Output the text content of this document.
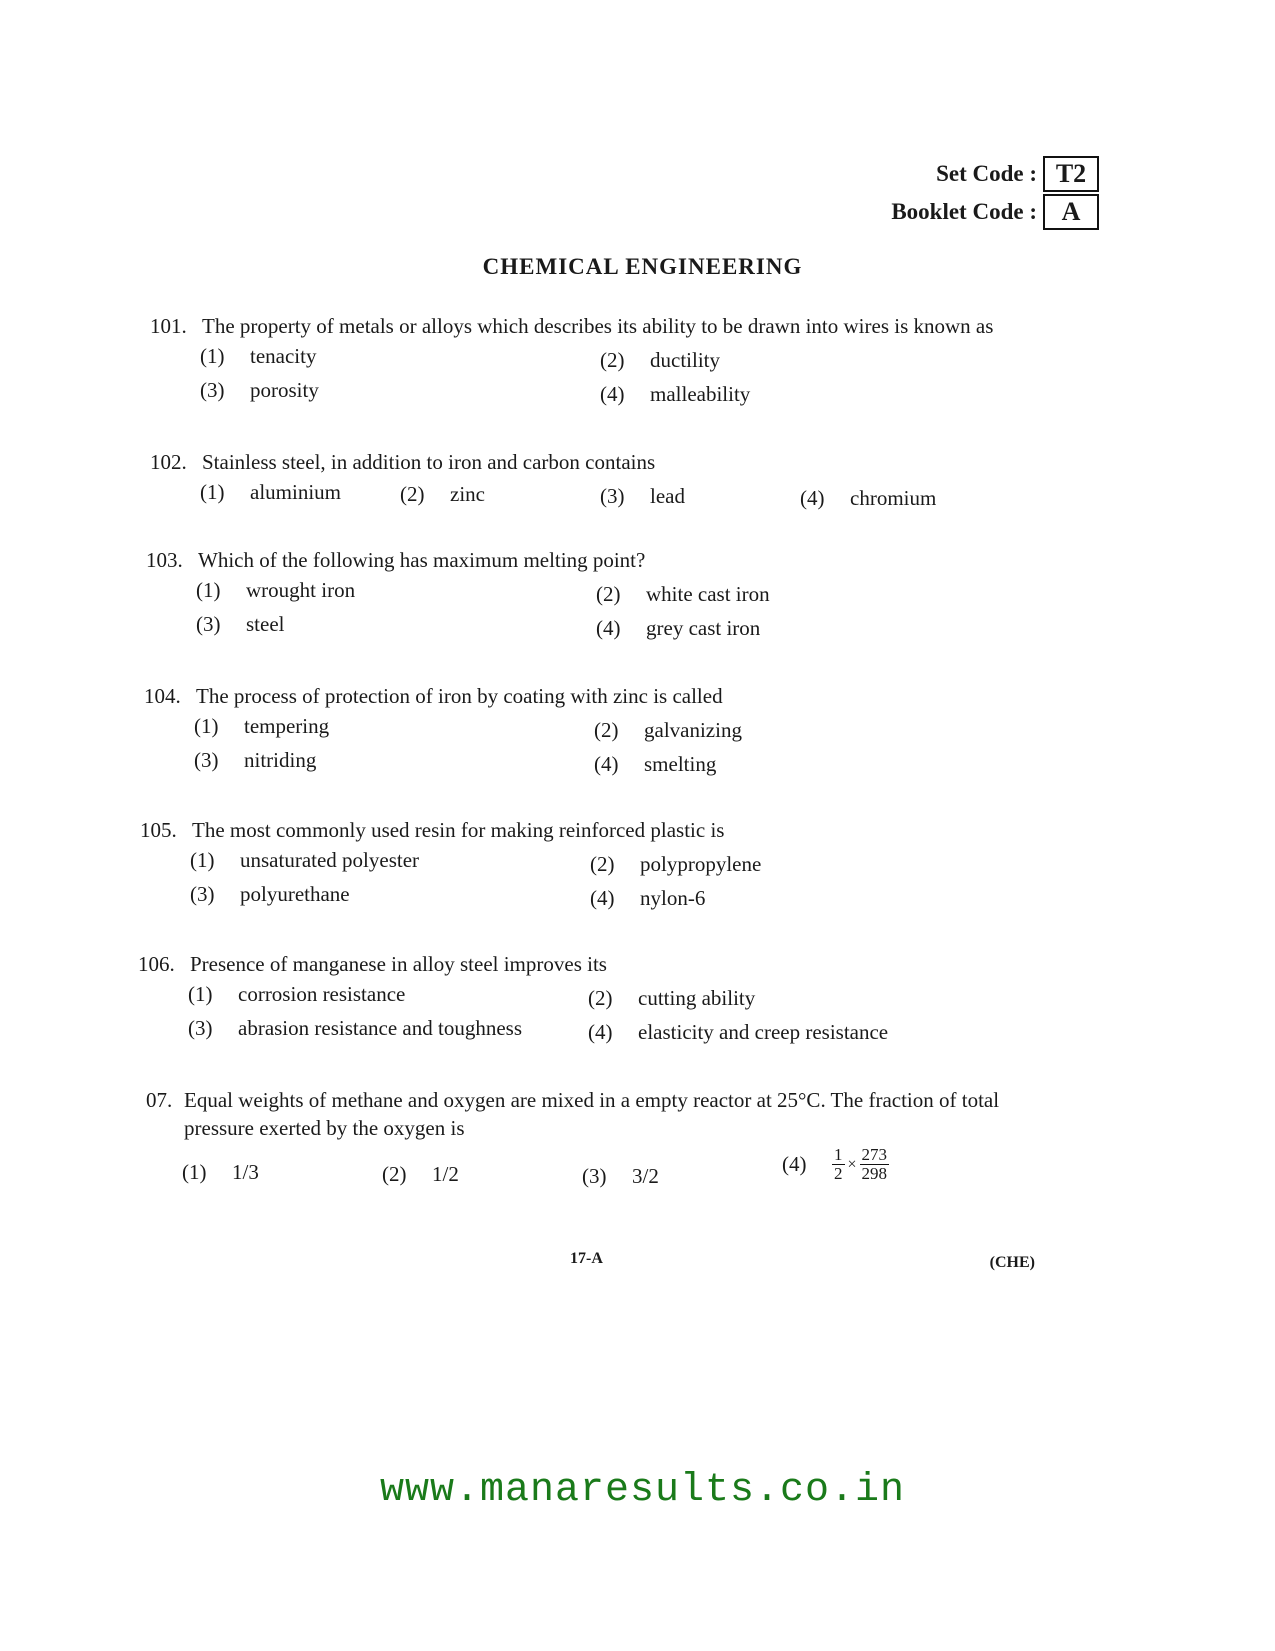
Set Code : T2
Booklet Code : A
CHEMICAL ENGINEERING
101. The property of metals or alloys which describes its ability to be drawn into wires is known as
(1)	tenacity	(2)	ductility
(3)	porosity	(4)	malleability
102. Stainless steel, in addition to iron and carbon contains
(1)	aluminium	(2)	zinc	(3)	lead	(4)	chromium
103. Which of the following has maximum melting point?
(1)	wrought iron	(2)	white cast iron
(3)	steel	(4)	grey cast iron
104. The process of protection of iron by coating with zinc is called
(1)	tempering	(2)	galvanizing
(3)	nitriding	(4)	smelting
105. The most commonly used resin for making reinforced plastic is
(1)	unsaturated polyester	(2)	polypropylene
(3)	polyurethane	(4)	nylon-6
106. Presence of manganese in alloy steel improves its
(1)	corrosion resistance	(2)	cutting ability
(3)	abrasion resistance and toughness	(4)	elasticity and creep resistance
07. Equal weights of methane and oxygen are mixed in a empty reactor at 25°C. The fraction of total pressure exerted by the oxygen is
(1)	1/3	(2)	1/2	(3)	3/2	(4)	$\frac{1}{2} \times \frac{273}{298}$
17-A	(CHE)
www.manaresults.co.in
